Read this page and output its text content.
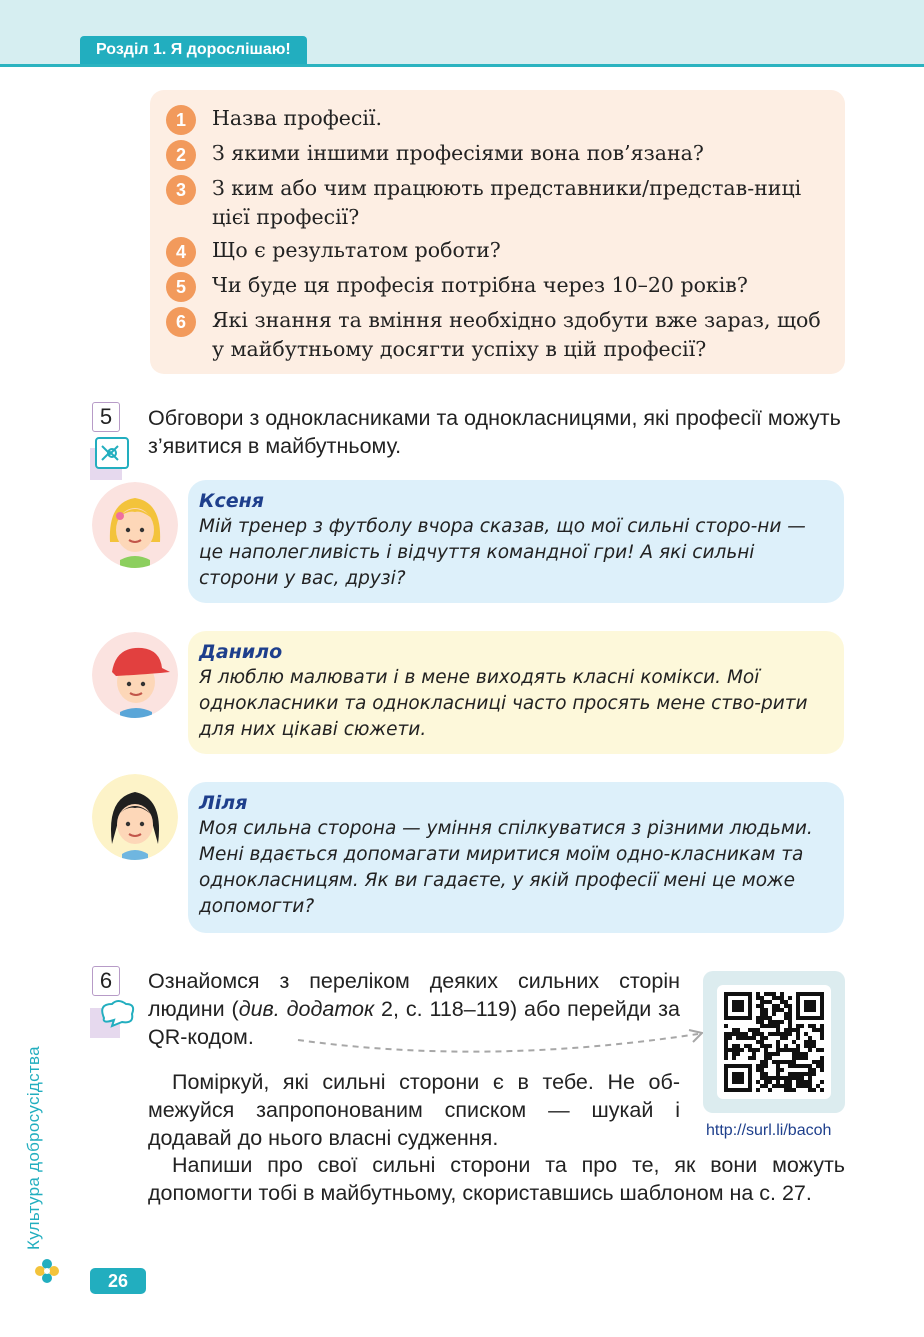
Розділ 1. Я дорослішаю!
1	Назва професії.
2	З якими іншими професіями вона пов’язана?
3	З ким або чим працюють представники/представ-ниці цієї професії?
4	Що є результатом роботи?
5	Чи буде ця професія потрібна через 10–20 років?
6	Які знання та вміння необхідно здобути вже зараз, щоб у майбутньому досягти успіху в цій професії?
5	Обговори з однокласниками та однокласницями, які професії можуть з’явитися в майбутньому.
Ксеня
Мій тренер з футболу вчора сказав, що мої сильні сторо-ни — це наполегливість і відчуття командної гри! А які сильні сторони у вас, друзі?
Данило
Я люблю малювати і в мене виходять класні комікси. Мої однокласники та однокласниці часто просять мене ство-рити для них цікаві сюжети.
Ліля
Моя сильна сторона — уміння спілкуватися з різними людьми. Мені вдається допомагати миритися моїм одно-класникам та однокласницям. Як ви гадаєте, у якій професії мені це може допомогти?
6	Ознайомся з переліком деяких сильних сторін людини (див. додаток 2, с. 118–119) або перейди за QR-кодом.
Поміркуй, які сильні сторони є в тебе. Не об-межуйся запропонованим списком — шукай і додавай до нього власні судження.
Напиши про свої сильні сторони та про те, як вони можуть допомогти тобі в майбутньому, скориставшись шаблоном на с. 27.
http://surl.li/bacoh
Культура добросусідства
26
